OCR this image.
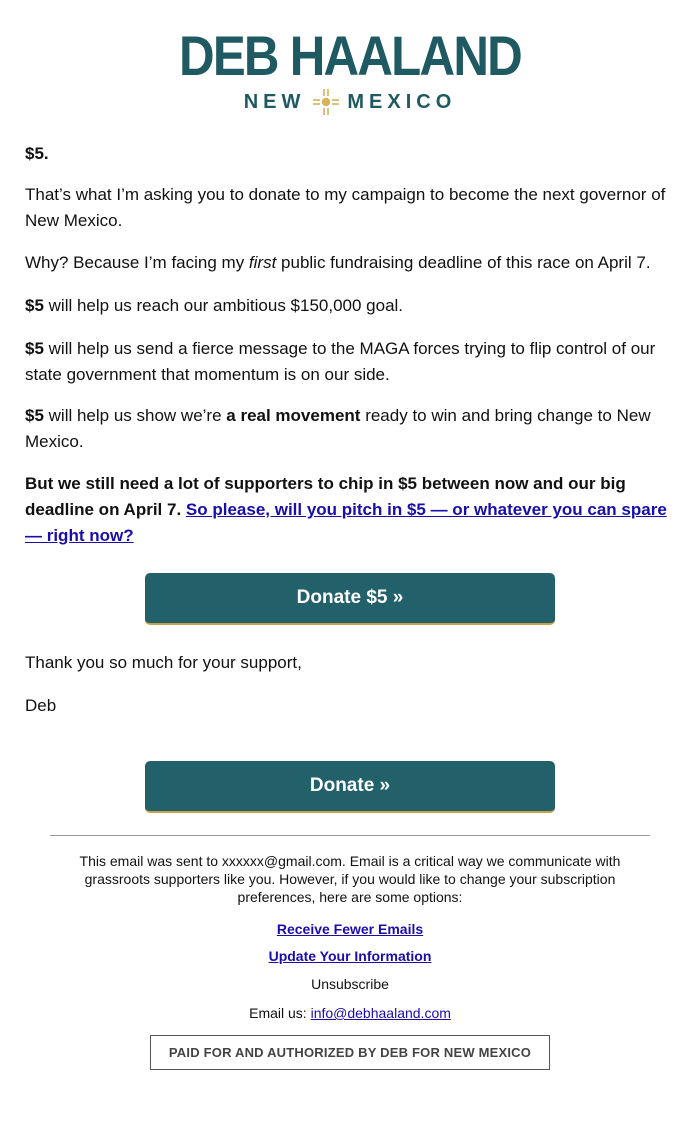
DEB HAALAND
NEW MEXICO

$5.

That’s what I’m asking you to donate to my campaign to become the next governor of New Mexico.

Why? Because I’m facing my first public fundraising deadline of this race on April 7.

$5 will help us reach our ambitious $150,000 goal.

$5 will help us send a fierce message to the MAGA forces trying to flip control of our state government that momentum is on our side.

$5 will help us show we’re a real movement ready to win and bring change to New Mexico.

But we still need a lot of supporters to chip in $5 between now and our big deadline on April 7. So please, will you pitch in $5 — or whatever you can spare — right now?

Donate $5 »

Thank you so much for your support,

Deb

Donate »
This email was sent to xxxxxx@gmail.com. Email is a critical way we communicate with grassroots supporters like you. However, if you would like to change your subscription preferences, here are some options:
Receive Fewer Emails
Update Your Information
Unsubscribe
Email us: info@debhaaland.com
PAID FOR AND AUTHORIZED BY DEB FOR NEW MEXICO
